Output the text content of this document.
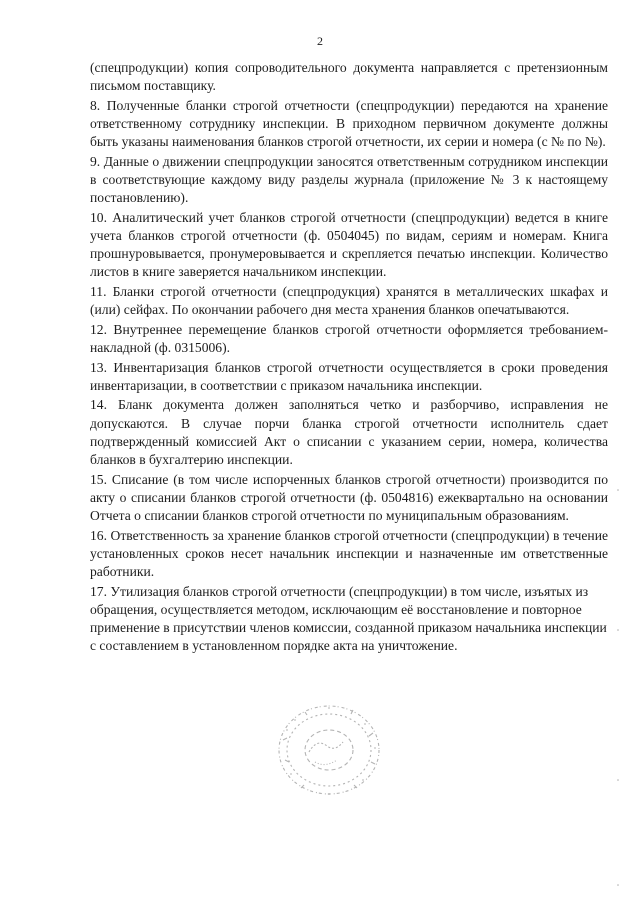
2

(спецпродукции) копия сопроводительного документа направляется с претензионным письмом поставщику.

8. Полученные бланки строгой отчетности (спецпродукции) передаются на хранение ответственному сотруднику инспекции. В приходном первичном документе должны быть указаны наименования бланков строгой отчетности, их серии и номера (с № по №).

9. Данные о движении спецпродукции заносятся ответственным сотрудником инспекции в соответствующие каждому виду разделы журнала (приложение № 3 к настоящему постановлению).

10. Аналитический учет бланков строгой отчетности (спецпродукции) ведется в книге учета бланков строгой отчетности (ф. 0504045) по видам, сериям и номерам. Книга прошнуровывается, пронумеровывается и скрепляется печатью инспекции. Количество листов в книге заверяется начальником инспекции.

11. Бланки строгой отчетности (спецпродукция) хранятся в металлических шкафах и (или) сейфах. По окончании рабочего дня места хранения бланков опечатываются.

12. Внутреннее перемещение бланков строгой отчетности оформляется требованием-накладной (ф. 0315006).

13. Инвентаризация бланков строгой отчетности осуществляется в сроки проведения инвентаризации, в соответствии с приказом начальника инспекции.

14. Бланк документа должен заполняться четко и разборчиво, исправления не допускаются. В случае порчи бланка строгой отчетности исполнитель сдает подтвержденный комиссией Акт о списании с указанием серии, номера, количества бланков в бухгалтерию инспекции.

15. Списание (в том числе испорченных бланков строгой отчетности) производится по акту о списании бланков строгой отчетности (ф. 0504816) ежеквартально на основании Отчета о списании бланков строгой отчетности по муниципальным образованиям.

16. Ответственность за хранение бланков строгой отчетности (спецпродукции) в течение установленных сроков несет начальник инспекции и назначенные им ответственные работники.

17. Утилизация бланков строгой отчетности (спецпродукции) в том числе, изъятых из обращения, осуществляется методом, исключающим её восстановление и повторное применение в присутствии членов комиссии, созданной приказом начальника инспекции с составлением в установленном порядке акта на уничтожение.
